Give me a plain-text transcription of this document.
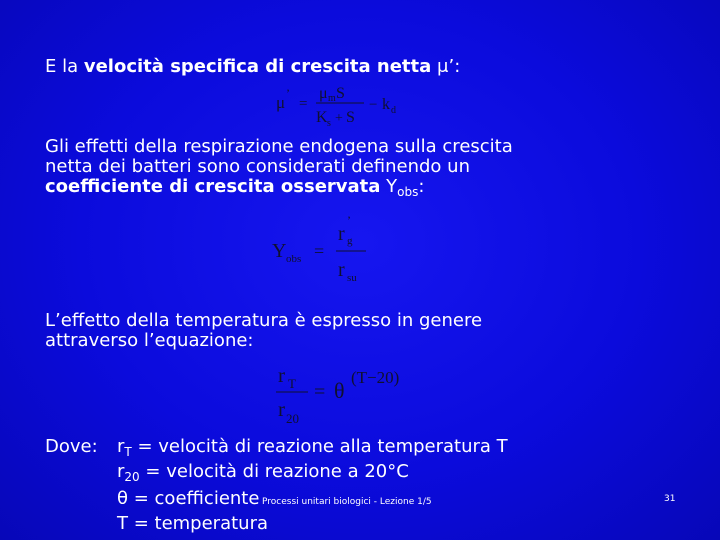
E la velocità specifica di crescita netta μ’:

μ ’
=
μ m S
K s + S
− k d
Gli effetti della respirazione endogena sulla crescita
netta dei batteri sono considerati definendo un
coefficiente di crescita osservata $Y_{obs}$:
Y obs =
r
’
g
r su
L’effetto della temperatura è espresso in genere
attraverso l’equazione:
r T
r 20
= θ
(T−20)
Dove: $r_T$ = velocità di reazione alla temperatura T
$r_{20}$ = velocità di reazione a 20°C
θ = coefficiente
T = temperatura
Processi unitari biologici - Lezione 1/5	31
